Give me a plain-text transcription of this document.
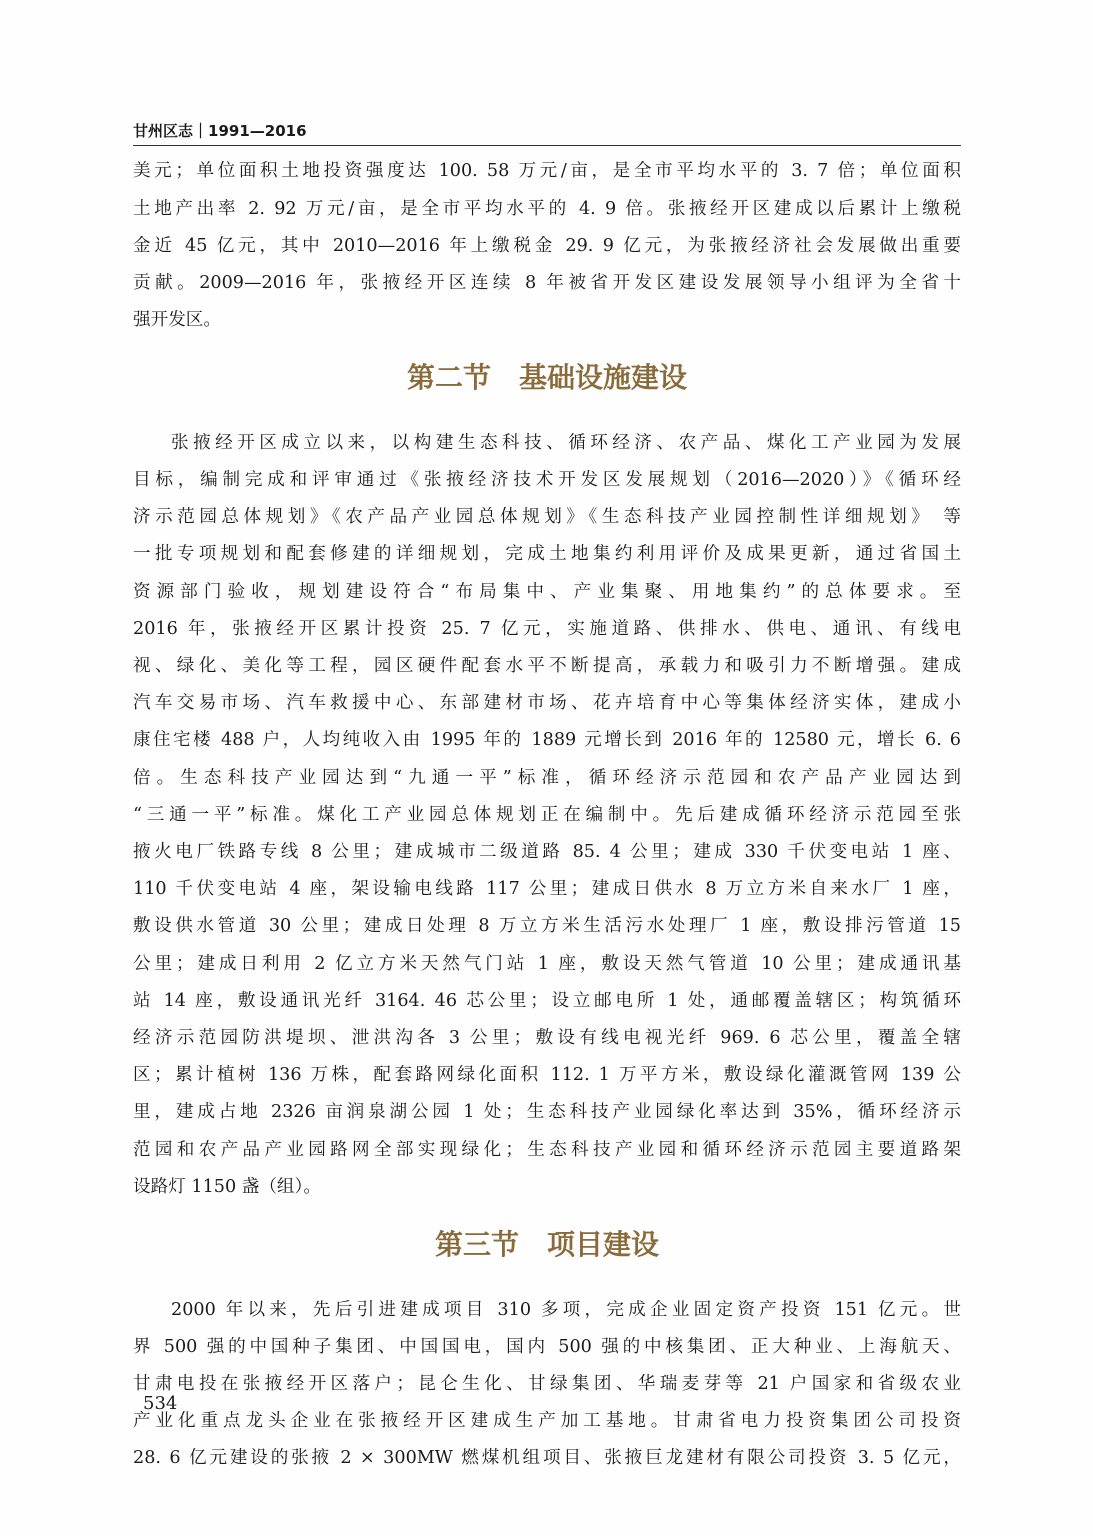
甘州区志｜1991—2016
美元；单位面积土地投资强度达 100. 58 万元/亩，是全市平均水平的 3. 7 倍；单位面积
土地产出率 2. 92 万元/亩，是全市平均水平的 4. 9 倍。张掖经开区建成以后累计上缴税
金近 45 亿元，其中 2010—2016 年上缴税金 29. 9 亿元，为张掖经济社会发展做出重要
贡献。2009—2016 年，张掖经开区连续 8 年被省开发区建设发展领导小组评为全省十
强开发区。
第二节　基础设施建设
张掖经开区成立以来，以构建生态科技、循环经济、农产品、煤化工产业园为发展
目标，编制完成和评审通过《张掖经济技术开发区发展规划（2016—2020）》《循环经
济示范园总体规划》《农产品产业园总体规划》《生态科技产业园控制性详细规划》 等
一批专项规划和配套修建的详细规划，完成土地集约利用评价及成果更新，通过省国土
资源部门验收，规划建设符合“布局集中、产业集聚、用地集约”的总体要求。至
2016 年，张掖经开区累计投资 25. 7 亿元，实施道路、供排水、供电、通讯、有线电
视、绿化、美化等工程，园区硬件配套水平不断提高，承载力和吸引力不断增强。建成
汽车交易市场、汽车救援中心、东部建材市场、花卉培育中心等集体经济实体，建成小
康住宅楼 488 户，人均纯收入由 1995 年的 1889 元增长到 2016 年的 12580 元，增长 6. 6
倍。生态科技产业园达到“九通一平”标准，循环经济示范园和农产品产业园达到
“三通一平”标准。煤化工产业园总体规划正在编制中。先后建成循环经济示范园至张
掖火电厂铁路专线 8 公里；建成城市二级道路 85. 4 公里；建成 330 千伏变电站 1 座、
110 千伏变电站 4 座，架设输电线路 117 公里；建成日供水 8 万立方米自来水厂 1 座，
敷设供水管道 30 公里；建成日处理 8 万立方米生活污水处理厂 1 座，敷设排污管道 15
公里；建成日利用 2 亿立方米天然气门站 1 座，敷设天然气管道 10 公里；建成通讯基
站 14 座，敷设通讯光纤 3164. 46 芯公里；设立邮电所 1 处，通邮覆盖辖区；构筑循环
经济示范园防洪堤坝、泄洪沟各 3 公里；敷设有线电视光纤 969. 6 芯公里，覆盖全辖
区；累计植树 136 万株，配套路网绿化面积 112. 1 万平方米，敷设绿化灌溉管网 139 公
里，建成占地 2326 亩润泉湖公园 1 处；生态科技产业园绿化率达到 35%，循环经济示
范园和农产品产业园路网全部实现绿化；生态科技产业园和循环经济示范园主要道路架
设路灯 1150 盏（组）。
第三节　项目建设
2000 年以来，先后引进建成项目 310 多项，完成企业固定资产投资 151 亿元。世
界 500 强的中国种子集团、中国国电，国内 500 强的中核集团、正大种业、上海航天、
甘肃电投在张掖经开区落户；昆仑生化、甘绿集团、华瑞麦芽等 21 户国家和省级农业
产业化重点龙头企业在张掖经开区建成生产加工基地。甘肃省电力投资集团公司投资
28. 6 亿元建设的张掖 2 × 300MW 燃煤机组项目、张掖巨龙建材有限公司投资 3. 5 亿元，
534
